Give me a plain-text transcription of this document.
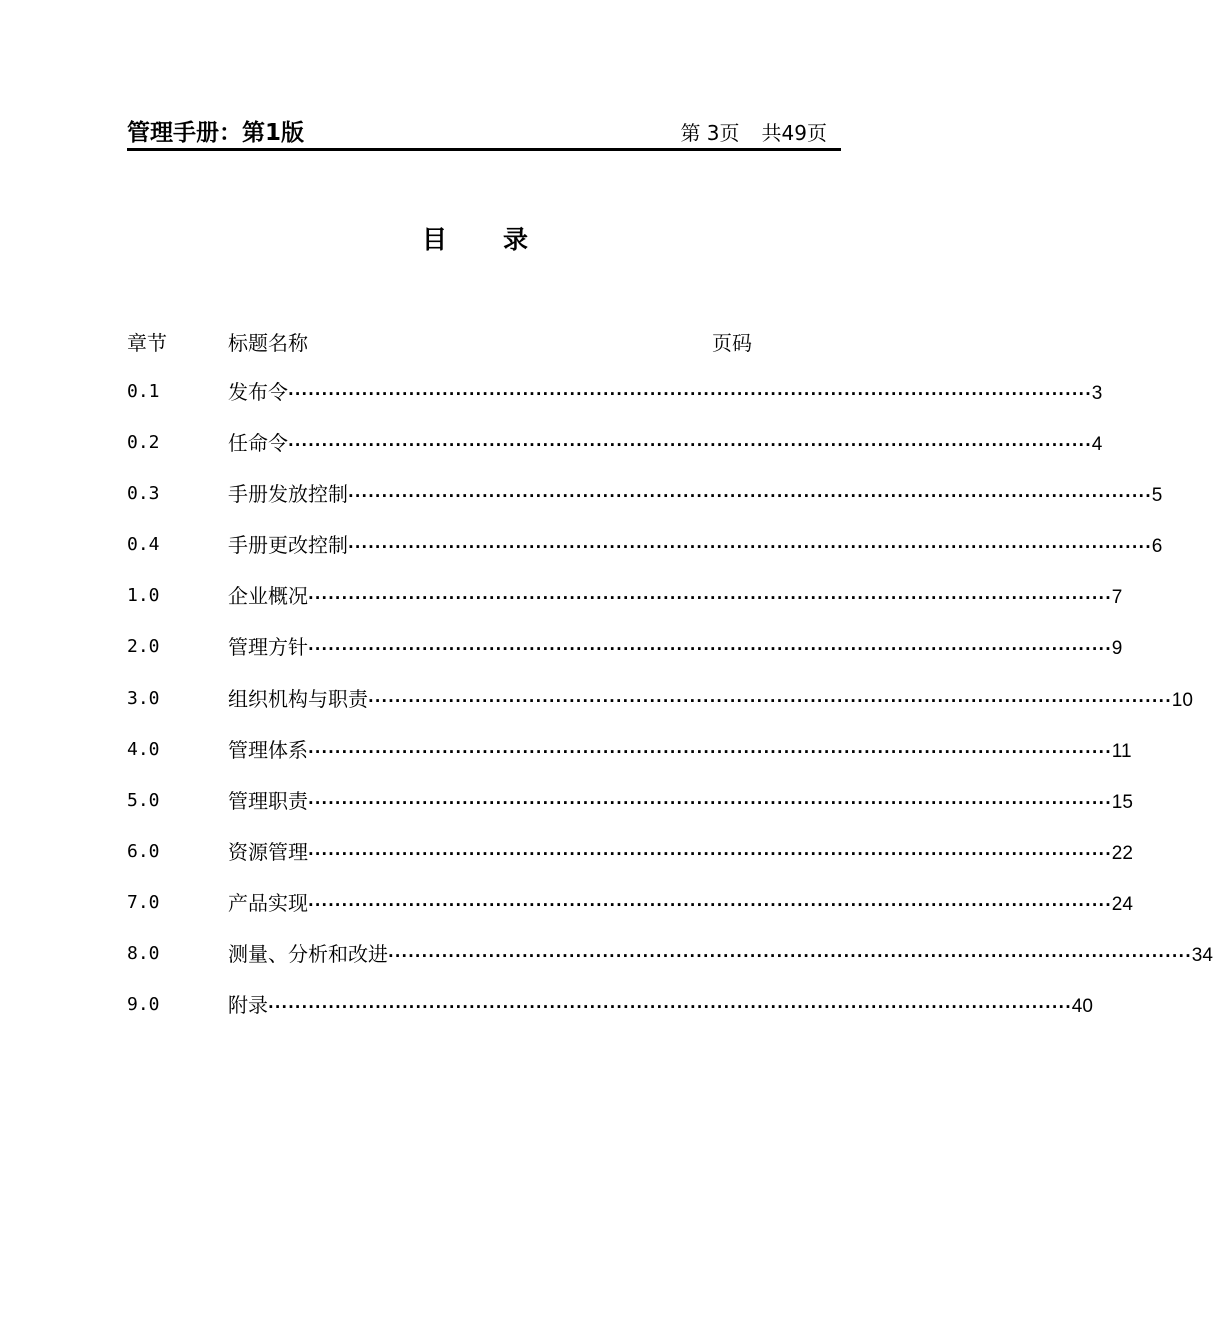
管理手册：第1版	第 3页 共49页
目录
章节	标题名称	页码
0.1	发布令 ························································································································ 3
0.2	任命令 ························································································································ 4
0.3	手册发放控制 ························································································································ 5
0.4	手册更改控制 ························································································································ 6
1.0	企业概况 ························································································································ 7
2.0	管理方针 ························································································································ 9
3.0	组织机构与职责 ························································································································ 10
4.0	管理体系 ························································································································ 11
5.0	管理职责 ························································································································ 15
6.0	资源管理 ························································································································ 22
7.0	产品实现 ························································································································ 24
8.0	测量、分析和改进 ························································································································ 34
9.0	附录 ························································································································ 40
